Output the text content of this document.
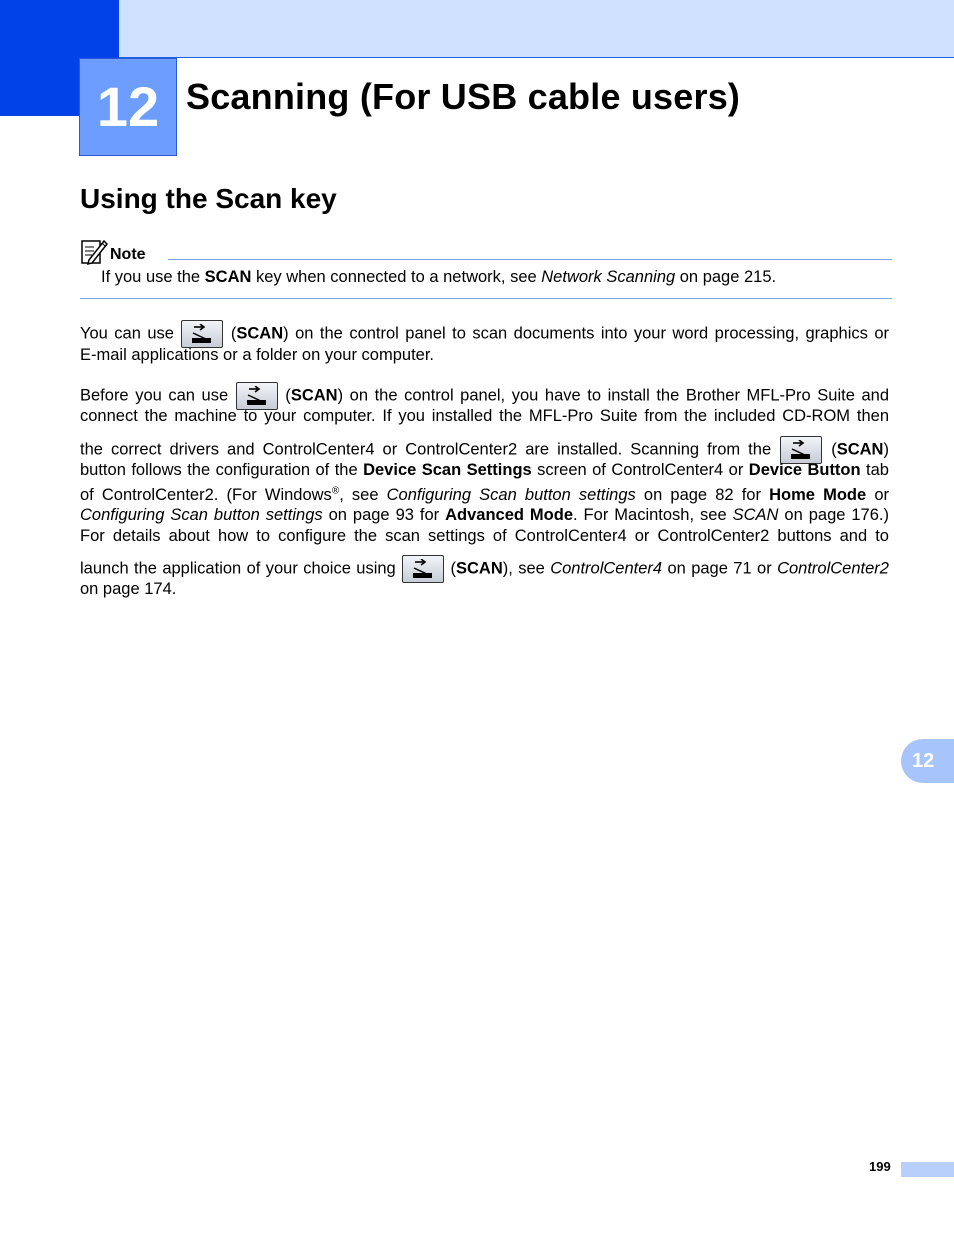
12 Scanning (For USB cable users)
Using the Scan key
Note
If you use the SCAN key when connected to a network, see Network Scanning on page 215.
You can use	(SCAN) on the control panel to scan documents into your word processing, graphics or
E-mail applications or a folder on your computer.
Before you can use	(SCAN) on the control panel, you have to install the Brother MFL-Pro Suite and
connect the machine to your computer. If you installed the MFL-Pro Suite from the included CD-ROM then
the correct drivers and ControlCenter4 or ControlCenter2 are installed. Scanning from the	(SCAN)
button follows the configuration of the Device Scan Settings screen of ControlCenter4 or Device Button tab
of ControlCenter2. (For Windows®, see Configuring Scan button settings on page 82 for Home Mode or
Configuring Scan button settings on page 93 for Advanced Mode. For Macintosh, see SCAN on page 176.)
For details about how to configure the scan settings of ControlCenter4 or ControlCenter2 buttons and to
launch the application of your choice using	(SCAN), see ControlCenter4 on page 71 or ControlCenter2
on page 174.
12
199
